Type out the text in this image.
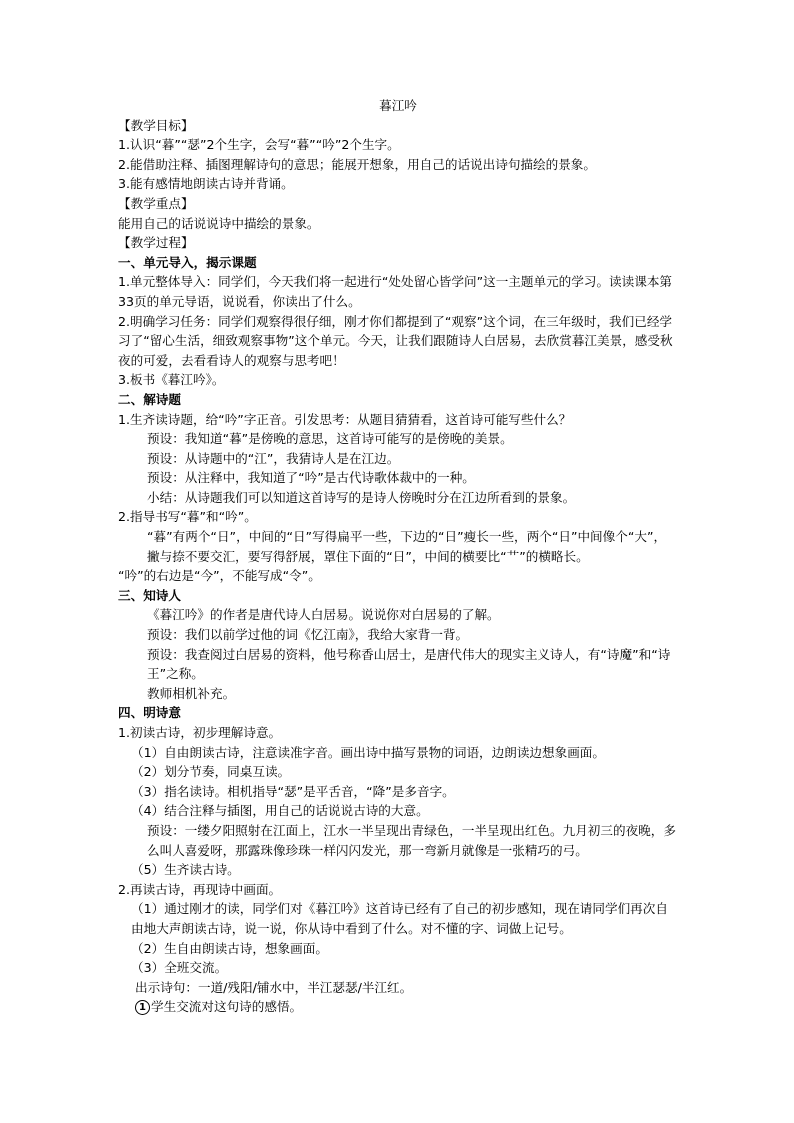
暮江吟

【教学目标】

1.认识“暮”“瑟”2个生字，会写“暮”“吟”2个生字。

2.能借助注释、插图理解诗句的意思；能展开想象，用自己的话说出诗句描绘的景象。

3.能有感情地朗读古诗并背诵。

【教学重点】

能用自己的话说说诗中描绘的景象。

【教学过程】

一、单元导入，揭示课题

1.单元整体导入：同学们，今天我们将一起进行“处处留心皆学问”这一主题单元的学习。读读课本第33页的单元导语，说说看，你读出了什么。

2.明确学习任务：同学们观察得很仔细，刚才你们都提到了“观察”这个词，在三年级时，我们已经学习了“留心生活，细致观察事物”这个单元。今天，让我们跟随诗人白居易，去欣赏暮江美景，感受秋夜的可爱，去看看诗人的观察与思考吧！

3.板书《暮江吟》。

二、解诗题

1.生齐读诗题，给“吟”字正音。引发思考：从题目猜猜看，这首诗可能写些什么？

预设：我知道“暮”是傍晚的意思，这首诗可能写的是傍晚的美景。

预设：从诗题中的“江”，我猜诗人是在江边。

预设：从注释中，我知道了“吟”是古代诗歌体裁中的一种。

小结：从诗题我们可以知道这首诗写的是诗人傍晚时分在江边所看到的景象。

2.指导书写“暮”和“吟”。

“暮”有两个“日”，中间的“日”写得扁平一些，下边的“日”瘦长一些，两个“日”中间像个“大”，撇与捺不要交汇，要写得舒展，罩住下面的“日”，中间的横要比“艹”的横略长。

“吟”的右边是“今”，不能写成“令”。

三、知诗人

《暮江吟》的作者是唐代诗人白居易。说说你对白居易的了解。

预设：我们以前学过他的词《忆江南》，我给大家背一背。

预设：我查阅过白居易的资料，他号称香山居士，是唐代伟大的现实主义诗人，有“诗魔”和“诗王”之称。

教师相机补充。

四、明诗意

1.初读古诗，初步理解诗意。

（1）自由朗读古诗，注意读准字音。画出诗中描写景物的词语，边朗读边想象画面。

（2）划分节奏，同桌互读。

（3）指名读诗。相机指导“瑟”是平舌音，“降”是多音字。

（4）结合注释与插图，用自己的话说说古诗的大意。

预设：一缕夕阳照射在江面上，江水一半呈现出青绿色，一半呈现出红色。九月初三的夜晚，多么叫人喜爱呀，那露珠像珍珠一样闪闪发光，那一弯新月就像是一张精巧的弓。

（5）生齐读古诗。

2.再读古诗，再现诗中画面。

（1）通过刚才的读，同学们对《暮江吟》这首诗已经有了自己的初步感知，现在请同学们再次自由地大声朗读古诗，说一说，你从诗中看到了什么。对不懂的字、词做上记号。

（2）生自由朗读古诗，想象画面。

（3）全班交流。

出示诗句：一道/残阳/铺水中，半江瑟瑟/半江红。

1 学生交流对这句诗的感悟。
